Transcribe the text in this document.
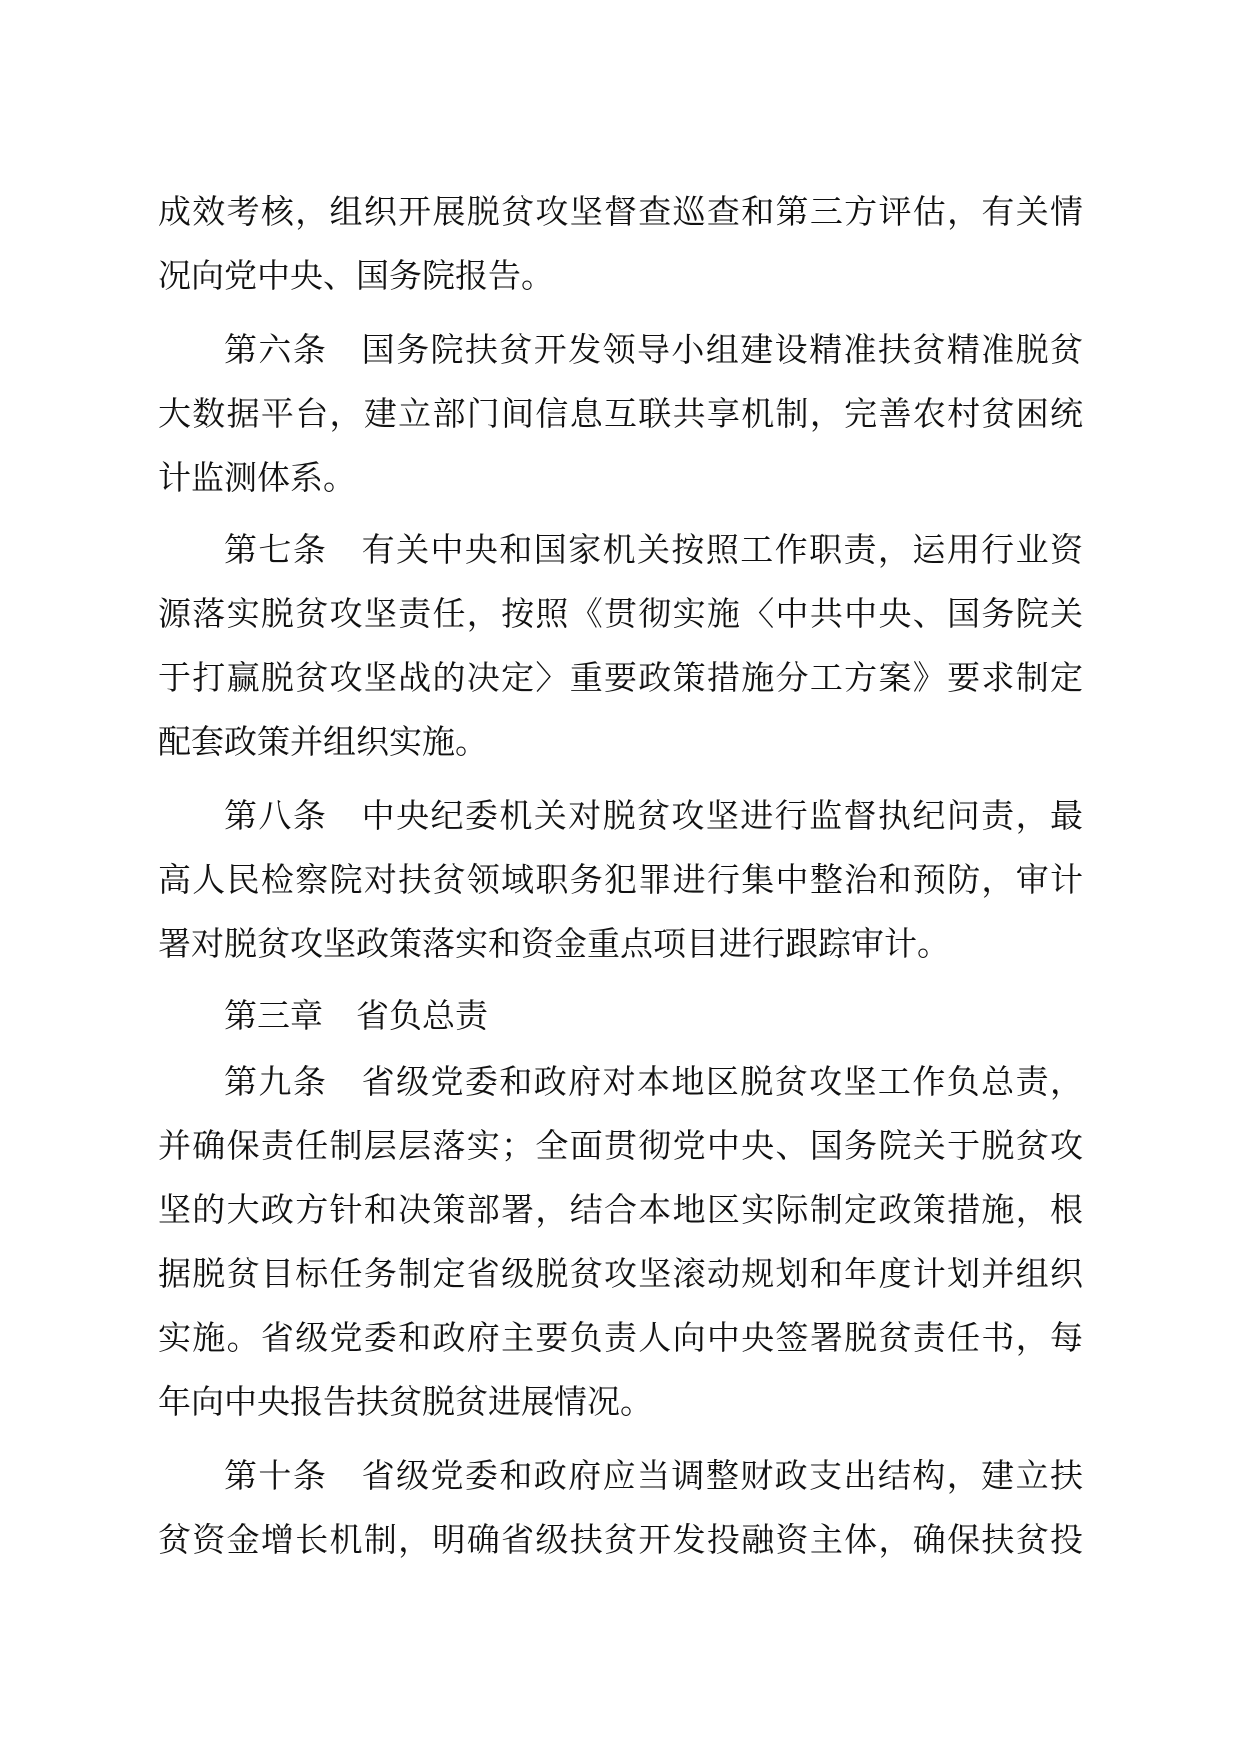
成效考核，组织开展脱贫攻坚督查巡查和第三方评估，有关情
况向党中央、国务院报告。
第六条　国务院扶贫开发领导小组建设精准扶贫精准脱贫
大数据平台，建立部门间信息互联共享机制，完善农村贫困统
计监测体系。
第七条　有关中央和国家机关按照工作职责，运用行业资
源落实脱贫攻坚责任，按照《贯彻实施〈中共中央、国务院关
于打赢脱贫攻坚战的决定〉重要政策措施分工方案》要求制定
配套政策并组织实施。
第八条　中央纪委机关对脱贫攻坚进行监督执纪问责，最
高人民检察院对扶贫领域职务犯罪进行集中整治和预防，审计
署对脱贫攻坚政策落实和资金重点项目进行跟踪审计。
第三章　省负总责
第九条　省级党委和政府对本地区脱贫攻坚工作负总责，
并确保责任制层层落实；全面贯彻党中央、国务院关于脱贫攻
坚的大政方针和决策部署，结合本地区实际制定政策措施，根
据脱贫目标任务制定省级脱贫攻坚滚动规划和年度计划并组织
实施。省级党委和政府主要负责人向中央签署脱贫责任书，每
年向中央报告扶贫脱贫进展情况。
第十条　省级党委和政府应当调整财政支出结构，建立扶
贫资金增长机制，明确省级扶贫开发投融资主体，确保扶贫投
